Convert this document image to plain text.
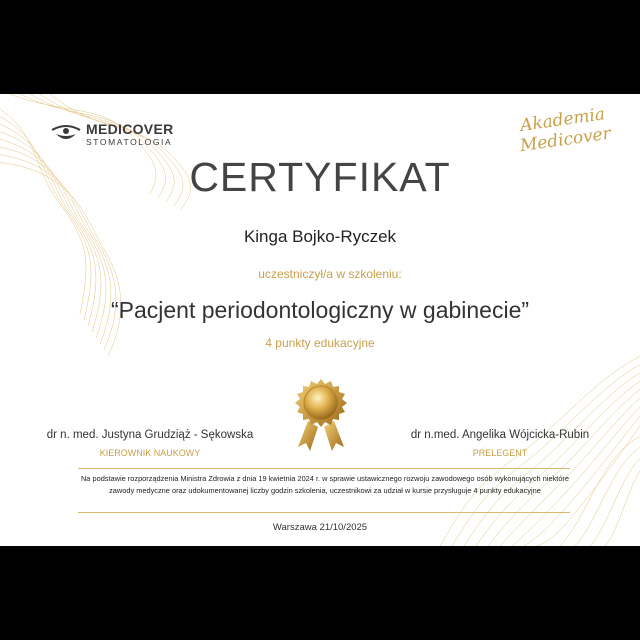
MEDICOVER
STOMATOLOGIA
Akademia Medicover
CERTYFIKAT
Kinga Bojko-Ryczek
uczestniczył/a w szkoleniu:
“Pacjent periodontologiczny w gabinecie”
4 punkty edukacyjne
dr n. med. Justyna Grudziąż - Sękowska
KIEROWNIK NAUKOWY
dr n.med. Angelika Wójcicka-Rubin
PRELEGENT
Na podstawie rozporządzenia Ministra Zdrowia z dnia 19 kwietnia 2024 r. w sprawie ustawicznego rozwoju zawodowego osób wykonujących niektóre zawody medyczne oraz udokumentowanej liczby godzin szkolenia, uczestnikowi za udział w kursie przysługuje 4 punkty edukacyjne
Warszawa 21/10/2025
